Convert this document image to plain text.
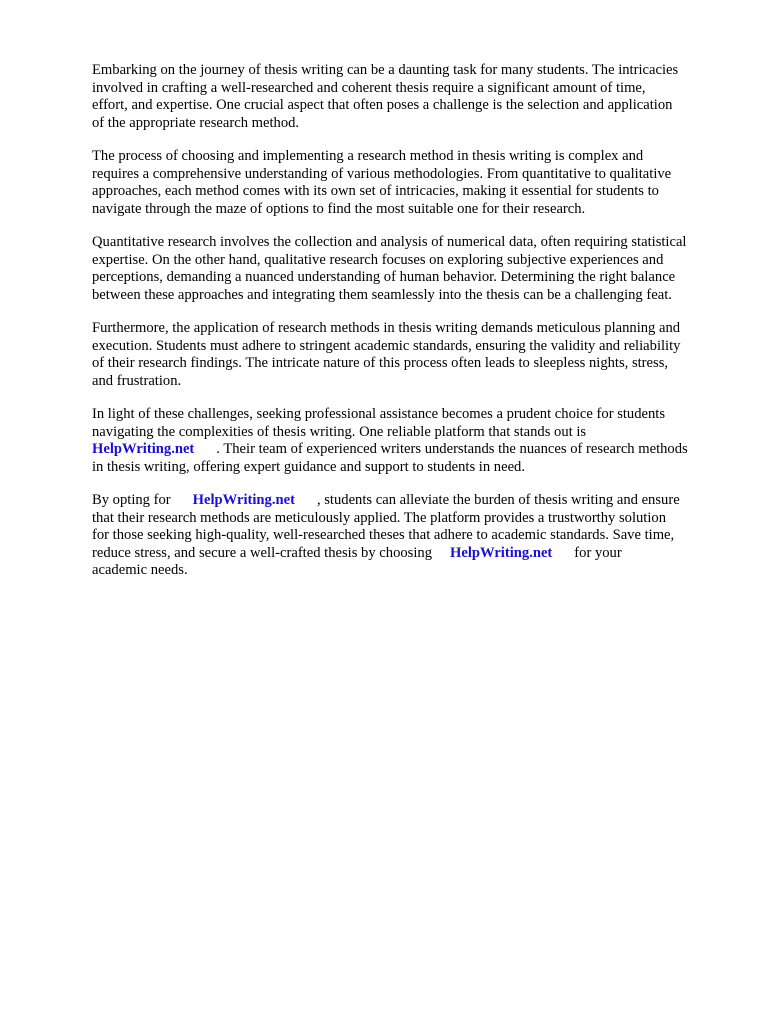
Embarking on the journey of thesis writing can be a daunting task for many students. The intricacies
involved in crafting a well-researched and coherent thesis require a significant amount of time,
effort, and expertise. One crucial aspect that often poses a challenge is the selection and application
of the appropriate research method.

The process of choosing and implementing a research method in thesis writing is complex and
requires a comprehensive understanding of various methodologies. From quantitative to qualitative
approaches, each method comes with its own set of intricacies, making it essential for students to
navigate through the maze of options to find the most suitable one for their research.

Quantitative research involves the collection and analysis of numerical data, often requiring statistical
expertise. On the other hand, qualitative research focuses on exploring subjective experiences and
perceptions, demanding a nuanced understanding of human behavior. Determining the right balance
between these approaches and integrating them seamlessly into the thesis can be a challenging feat.

Furthermore, the application of research methods in thesis writing demands meticulous planning and
execution. Students must adhere to stringent academic standards, ensuring the validity and reliability
of their research findings. The intricate nature of this process often leads to sleepless nights, stress,
and frustration.

In light of these challenges, seeking professional assistance becomes a prudent choice for students
navigating the complexities of thesis writing. One reliable platform that stands out is
HelpWriting.net . Their team of experienced writers understands the nuances of research methods
in thesis writing, offering expert guidance and support to students in need.

By opting for HelpWriting.net , students can alleviate the burden of thesis writing and ensure
that their research methods are meticulously applied. The platform provides a trustworthy solution
for those seeking high-quality, well-researched theses that adhere to academic standards. Save time,
reduce stress, and secure a well-crafted thesis by choosing HelpWriting.net for your
academic needs.
